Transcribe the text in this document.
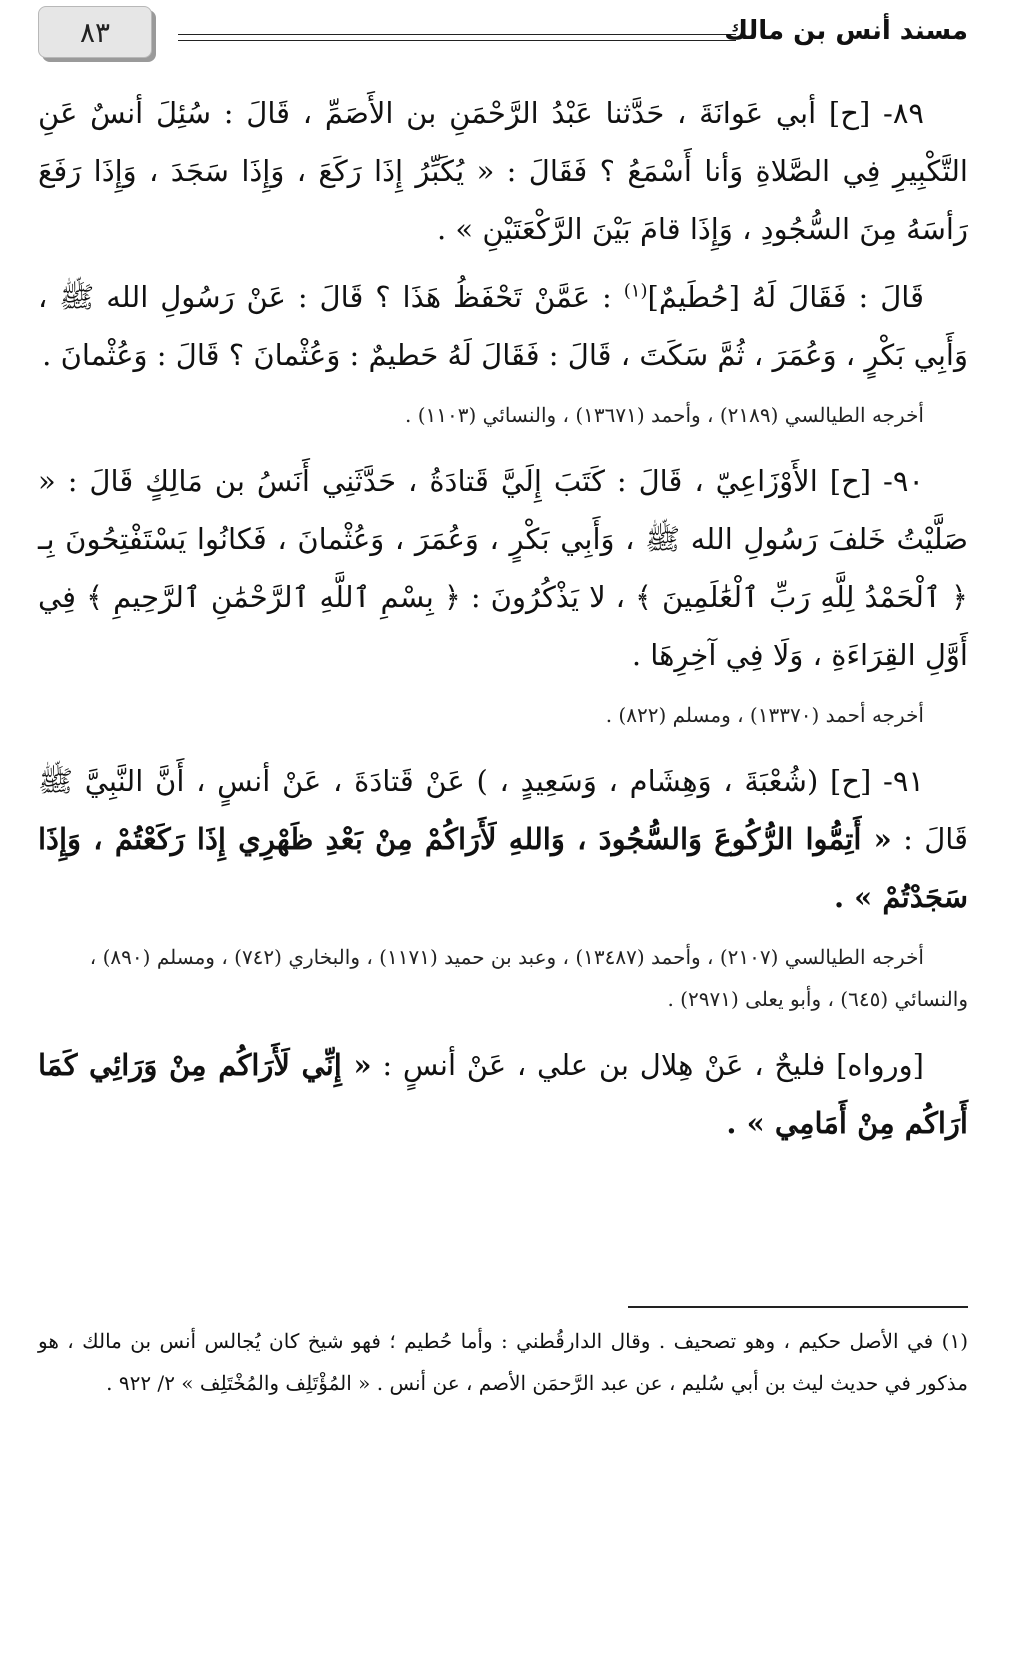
٨٣	مسند أنس بن مالك

٨٩- [ح] أبي عَوانَةَ ، حَدَّثنا عَبْدُ الرَّحْمَنِ بن الأَصَمِّ ، قَالَ : سُئِلَ أنسٌ عَنِ التَّكْبِيرِ فِي الصَّلاةِ وَأنا أَسْمَعُ ؟ فَقَالَ : « يُكَبِّرُ إِذَا رَكَعَ ، وَإِذَا سَجَدَ ، وَإِذَا رَفَعَ رَأسَهُ مِنَ السُّجُودِ ، وَإِذَا قامَ بَيْنَ الرَّكْعَتَيْنِ » .

قَالَ : فَقَالَ لَهُ [حُطَيمٌ]$^{(١)}$ : عَمَّنْ تَحْفَظُ هَذَا ؟ قَالَ : عَنْ رَسُولِ الله ﷺ ، وَأَبِي بَكْرٍ ، وَعُمَرَ ، ثُمَّ سَكَتَ ، قَالَ : فَقَالَ لَهُ حَطيمٌ : وَعُثْمانَ ؟ قَالَ : وَعُثْمانَ .

أخرجه الطيالسي (٢١٨٩) ، وأحمد (١٣٦٧١) ، والنسائي (١١٠٣) .

٩٠- [ح] الأَوْزَاعِيّ ، قَالَ : كَتَبَ إِلَيَّ قَتادَةُ ، حَدَّثَنِي أَنَسُ بن مَالِكٍ قَالَ : « صَلَّيْتُ خَلفَ رَسُولِ الله ﷺ ، وَأَبِي بَكْرٍ ، وَعُمَرَ ، وَعُثْمانَ ، فَكانُوا يَسْتَفْتِحُونَ بِـ ﴿ ٱلْحَمْدُ لِلَّهِ رَبِّ ٱلْعَٰلَمِينَ ﴾ ، لا يَذْكُرُونَ : ﴿ بِسْمِ ٱللَّهِ ٱلرَّحْمَٰنِ ٱلرَّحِيمِ ﴾ فِي أَوَّلِ القِرَاءَةِ ، وَلَا فِي آخِرِهَا .

أخرجه أحمد (١٣٣٧٠) ، ومسلم (٨٢٢) .

٩١- [ح] (شُعْبَةَ ، وَهِشَام ، وَسَعِيدٍ ، ) عَنْ قَتادَةَ ، عَنْ أنسٍ ، أَنَّ النَّبِيَّ ﷺ قَالَ : « أَتِمُّوا الرُّكُوعَ وَالسُّجُودَ ، وَاللهِ لَأَرَاكُمْ مِنْ بَعْدِ ظَهْرِي إِذَا رَكَعْتُمْ ، وَإِذَا سَجَدْتُمْ » .

أخرجه الطيالسي (٢١٠٧) ، وأحمد (١٣٤٨٧) ، وعبد بن حميد (١١٧١) ، والبخاري (٧٤٢) ، ومسلم (٨٩٠) ، والنسائي (٦٤٥) ، وأبو يعلى (٢٩٧١) .

[ورواه] فليحٌ ، عَنْ هِلال بن علي ، عَنْ أنسٍ : « إِنِّي لَأَرَاكُم مِنْ وَرَائِي كَمَا أَرَاكُم مِنْ أَمَامِي » .

(١) في الأصل حكيم ، وهو تصحيف . وقال الدارقُطني : وأما حُطيم ؛ فهو شيخ كان يُجالس أنس بن مالك ، هو مذكور في حديث ليث بن أبي سُليم ، عن عبد الرَّحمَن الأصم ، عن أنس . « المُؤْتَلِف والمُخْتَلِف » ٢/ ٩٢٢ .
